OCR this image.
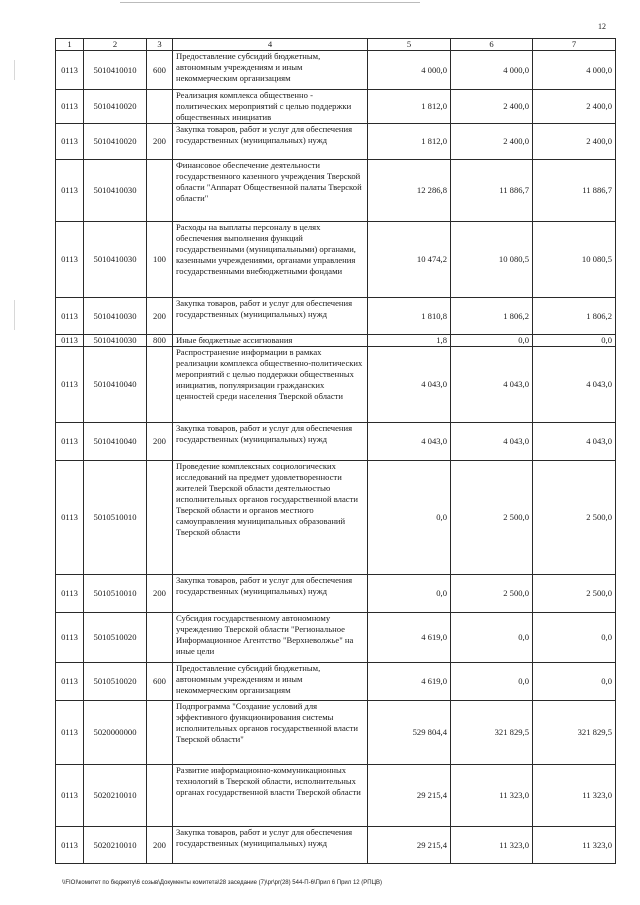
12
1	2	3	4	5	6	7
0113	5010410010	600	Предоставление субсидий бюджетным, автономным учреждениям и иным некоммерческим организациям	4 000,0	4 000,0	4 000,0
0113	5010410020		Реализация комплекса общественно - политических мероприятий с целью поддержки общественных инициатив	1 812,0	2 400,0	2 400,0
0113	5010410020	200	Закупка товаров, работ и услуг для обеспечения государственных (муниципальных) нужд	1 812,0	2 400,0	2 400,0
0113	5010410030		Финансовое обеспечение деятельности государственного казенного учреждения Тверской области "Аппарат Общественной палаты Тверской области"	12 286,8	11 886,7	11 886,7
0113	5010410030	100	Расходы на выплаты персоналу в целях обеспечения выполнения функций государственными (муниципальными) органами, казенными учреждениями, органами управления государственными внебюджетными фондами	10 474,2	10 080,5	10 080,5
0113	5010410030	200	Закупка товаров, работ и услуг для обеспечения государственных (муниципальных) нужд	1 810,8	1 806,2	1 806,2
0113	5010410030	800	Иные бюджетные ассигнования	1,8	0,0	0,0
0113	5010410040		Распространение информации в рамках реализации комплекса общественно-политических мероприятий с целью поддержки общественных инициатив, популяризации гражданских ценностей среди населения Тверской области	4 043,0	4 043,0	4 043,0
0113	5010410040	200	Закупка товаров, работ и услуг для обеспечения государственных (муниципальных) нужд	4 043,0	4 043,0	4 043,0
0113	5010510010		Проведение комплексных социологических исследований на предмет удовлетворенности жителей Тверской области деятельностью исполнительных органов государственной власти Тверской области и органов местного самоуправления муниципальных образований Тверской области	0,0	2 500,0	2 500,0
0113	5010510010	200	Закупка товаров, работ и услуг для обеспечения государственных (муниципальных) нужд	0,0	2 500,0	2 500,0
0113	5010510020		Субсидия государственному автономному учреждению Тверской области "Региональное Информационное Агентство "Верхневолжье" на иные цели	4 619,0	0,0	0,0
0113	5010510020	600	Предоставление субсидий бюджетным, автономным учреждениям и иным некоммерческим организациям	4 619,0	0,0	0,0
0113	5020000000		Подпрограмма "Создание условий для эффективного функционирования системы исполнительных органов государственной власти Тверской области"	529 804,4	321 829,5	321 829,5
0113	5020210010		Развитие информационно-коммуникационных технологий в Тверской области, исполнительных органах государственной власти Тверской области	29 215,4	11 323,0	11 323,0
0113	5020210010	200	Закупка товаров, работ и услуг для обеспечения государственных (муниципальных) нужд	29 215,4	11 323,0	11 323,0
\\FIOI\комитет по бюджету\6 созыв\Документы комитета\28 заседание (7)\pr\pr(28) 544-П-6\Прил 6 Прил 12 (РПЦВ)
